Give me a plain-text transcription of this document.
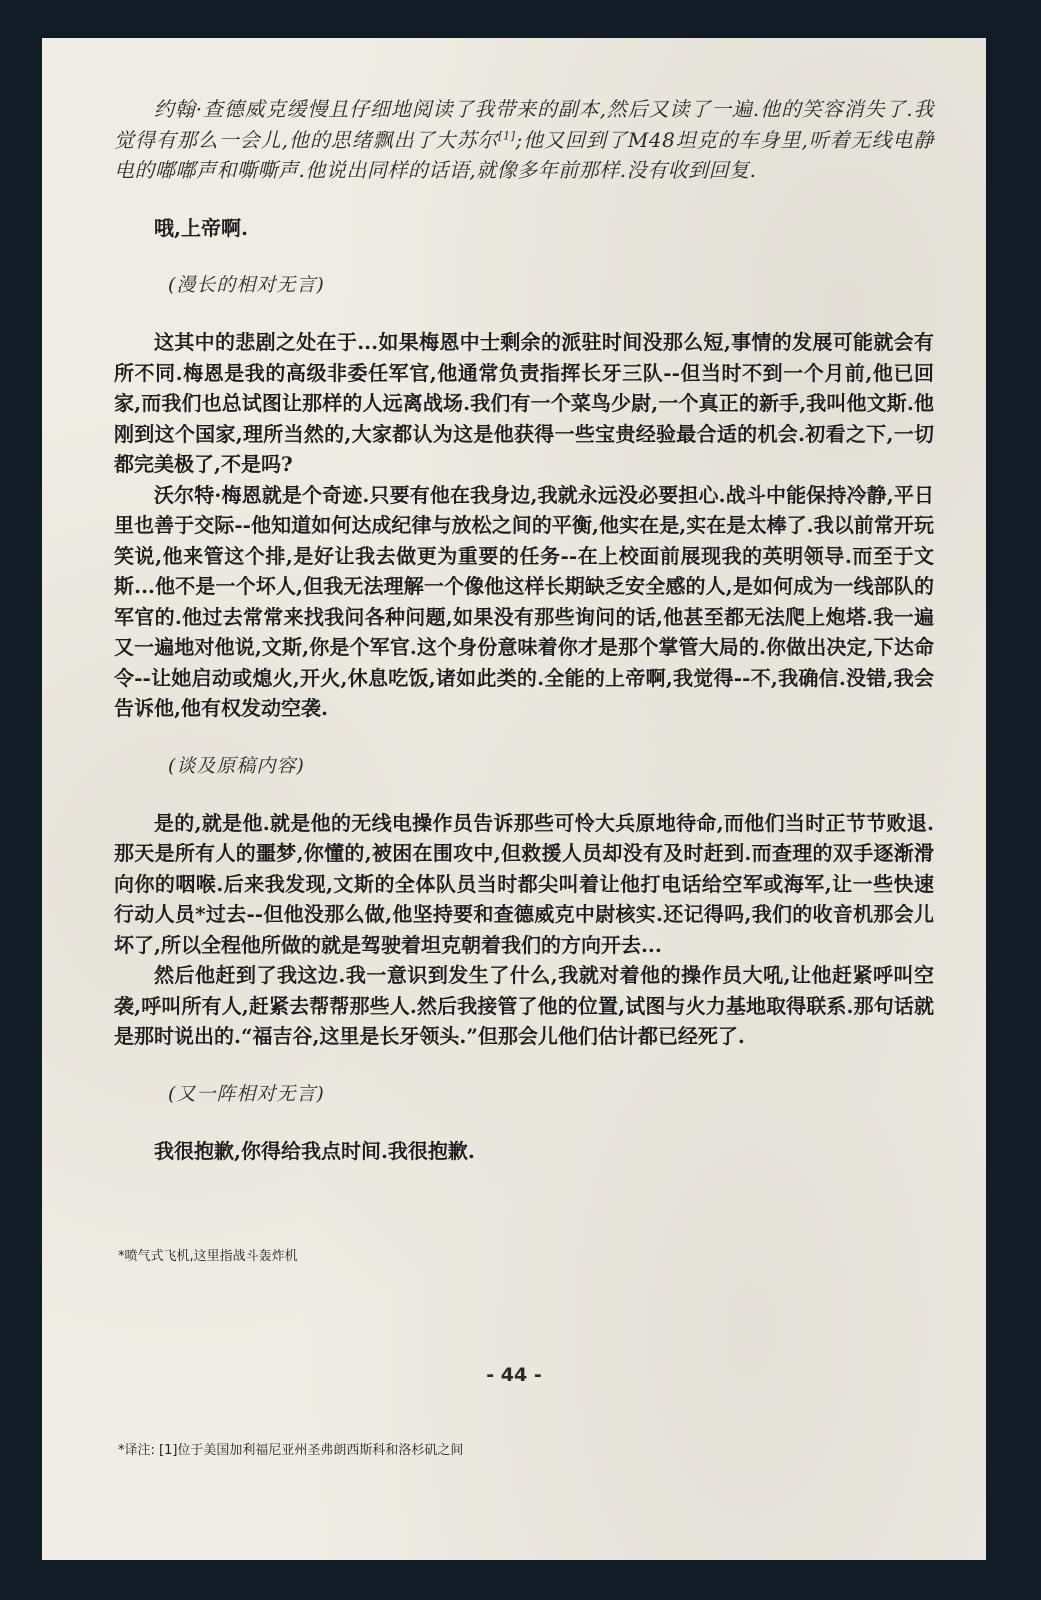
约翰·查德威克缓慢且仔细地阅读了我带来的副本,然后又读了一遍.他的笑容消失了.我觉得有那么一会儿,他的思绪飘出了大苏尔[1];他又回到了M48坦克的车身里,听着无线电静电的嘟嘟声和嘶嘶声.他说出同样的话语,就像多年前那样.没有收到回复.

哦,上帝啊.

(漫长的相对无言)

这其中的悲剧之处在于...如果梅恩中士剩余的派驻时间没那么短,事情的发展可能就会有所不同.梅恩是我的高级非委任军官,他通常负责指挥长牙三队--但当时不到一个月前,他已回家,而我们也总试图让那样的人远离战场.我们有一个菜鸟少尉,一个真正的新手,我叫他文斯.他刚到这个国家,理所当然的,大家都认为这是他获得一些宝贵经验最合适的机会.初看之下,一切都完美极了,不是吗?

沃尔特·梅恩就是个奇迹.只要有他在我身边,我就永远没必要担心.战斗中能保持冷静,平日里也善于交际--他知道如何达成纪律与放松之间的平衡,他实在是,实在是太棒了.我以前常开玩笑说,他来管这个排,是好让我去做更为重要的任务--在上校面前展现我的英明领导.而至于文斯...他不是一个坏人,但我无法理解一个像他这样长期缺乏安全感的人,是如何成为一线部队的军官的.他过去常常来找我问各种问题,如果没有那些询问的话,他甚至都无法爬上炮塔.我一遍又一遍地对他说,文斯,你是个军官.这个身份意味着你才是那个掌管大局的.你做出决定,下达命令--让她启动或熄火,开火,休息吃饭,诸如此类的.全能的上帝啊,我觉得--不,我确信.没错,我会告诉他,他有权发动空袭.

(谈及原稿内容)

是的,就是他.就是他的无线电操作员告诉那些可怜大兵原地待命,而他们当时正节节败退.那天是所有人的噩梦,你懂的,被困在围攻中,但救援人员却没有及时赶到.而查理的双手逐渐滑向你的咽喉.后来我发现,文斯的全体队员当时都尖叫着让他打电话给空军或海军,让一些快速行动人员*过去--但他没那么做,他坚持要和查德威克中尉核实.还记得吗,我们的收音机那会儿坏了,所以全程他所做的就是驾驶着坦克朝着我们的方向开去...

然后他赶到了我这边.我一意识到发生了什么,我就对着他的操作员大吼,让他赶紧呼叫空袭,呼叫所有人,赶紧去帮帮那些人.然后我接管了他的位置,试图与火力基地取得联系.那句话就是那时说出的.“福吉谷,这里是长牙领头.”但那会儿他们估计都已经死了.

(又一阵相对无言)

我很抱歉,你得给我点时间.我很抱歉.

*喷气式飞机,这里指战斗轰炸机
- 44 -
*译注: [1]位于美国加利福尼亚州圣弗朗西斯科和洛杉矶之间
